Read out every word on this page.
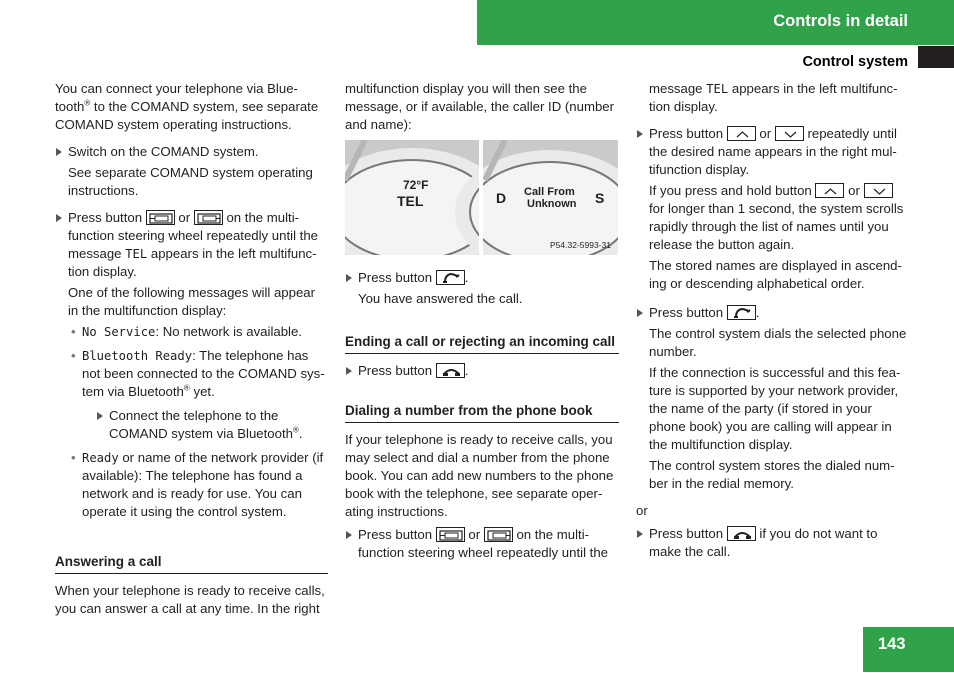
Controls in detail
Control system

You can connect your telephone via Blue-tooth® to the COMAND system, see separate COMAND system operating instructions.

Switch on the COMAND system.
See separate COMAND system operating instructions.
Press button	or	on the multi-function steering wheel repeatedly until the message TEL appears in the left multifunc-tion display.
One of the following messages will appear in the multifunction display:
• No Service: No network is available.
• Bluetooth Ready: The telephone has not been connected to the COMAND sys-tem via Bluetooth® yet.
Connect the telephone to the COMAND system via Bluetooth®.
• Ready or name of the network provider (if available): The telephone has found a network and is ready for use. You can operate it using the control system.
Answering a call

When your telephone is ready to receive calls, you can answer a call at any time. In the right

multifunction display you will then see the message, or if available, the caller ID (number and name):

72°F
TEL	D Call From
Unknown S
P54.32-5993-31
Press button .
You have answered the call.
Ending a call or rejecting an incoming call
Press button .
Dialing a number from the phone book

If your telephone is ready to receive calls, you may select and dial a number from the phone book. You can add new numbers to the phone book with the telephone, see separate oper-ating instructions.

Press button	or	on the multi-function steering wheel repeatedly until the

message TEL appears in the left multifunc-tion display.

Press button	or	repeatedly until the desired name appears in the right mul-tifunction display.
If you press and hold button	or
for longer than 1 second, the system scrolls rapidly through the list of names until you release the button again.
The stored names are displayed in ascend-ing or descending alphabetical order.
Press button .
The control system dials the selected phone number.
If the connection is successful and this fea-ture is supported by your network provider, the name of the party (if stored in your phone book) you are calling will appear in the multifunction display.
The control system stores the dialed num-ber in the redial memory.

or

Press button	if you do not want to make the call.
143
